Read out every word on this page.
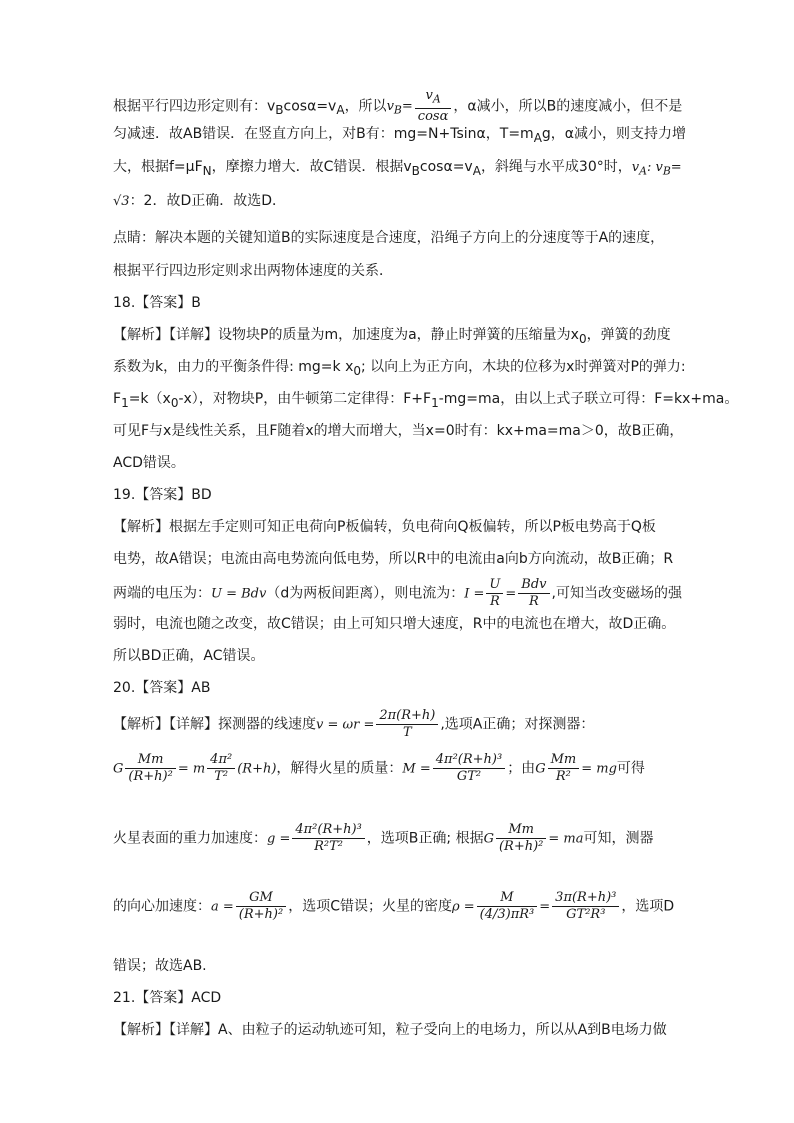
根据平行四边形定则有：$v_B\cos\alpha=v_A$，所以$v_B= \frac{v_A}{\cos\alpha}$ ，α减小，所以B的速度减小，但不是
匀减速．故AB错误．在竖直方向上，对B有：mg=N+Tsinα，$T=m_Ag$，α减小，则支持力增
大，根据$f=\mu F_N$，摩擦力增大．故C错误．根据$v_B\cos\alpha=v_A$，斜绳与水平成30°时，$v_A$: $v_B=$
√3：2．故D正确．故选D．
点睛：解决本题的关键知道B的实际速度是合速度，沿绳子方向上的分速度等于A的速度，
根据平行四边形定则求出两物体速度的关系．
18.【答案】B
【解析】【详解】设物块P的质量为m，加速度为a，静止时弹簧的压缩量为$x_0$，弹簧的劲度
系数为k，由力的平衡条件得: mg=k $x_0$; 以向上为正方向，木块的位移为x时弹簧对P的弹力:
$F_1=k(x_0-x)$，对物块P，由牛顿第二定律得：$F+F_1-mg=ma$，由以上式子联立可得：F=kx+ma。
可见F与x是线性关系，且F随着x的增大而增大，当x=0时有：kx+ma=ma＞0，故B正确，
ACD错误。
19.【答案】BD
【解析】根据左手定则可知正电荷向P板偏转，负电荷向Q板偏转，所以P板电势高于Q板
电势，故A错误；电流由高电势流向低电势，所以R中的电流由a向b方向流动，故B正确；R
两端的电压为：U = Bdv（d为两板间距离），则电流为：$I = \frac{U}{R}$ =
Bdv
R ,可知当改变磁场的强
弱时，电流也随之改变，故C错误；由上可知只增大速度，R中的电流也在增大，故D正确。
所以BD正确，AC错误。
20.【答案】AB
【解析】【详解】探测器的线速度$v = \omega r = \frac{2\pi(R+h)}{T}$ ,选项A正确；对探测器：
G $\frac{Mm}{\text{(R+h)²}} = m \frac{\text{4π²}}{\text{T²}} (R+h)$，解得火星的质量：$M = \frac{\text{4π²(R+h)³}}{\text{GT²}}$ ；由G $\frac{Mm}{\text{R²}}$ = mg可得
火星表面的重力加速度：$g = \frac{\text{4π²(R+h)³}}{\text{R²T²}}$ ，选项B正确; 根据G $\frac{Mm}{\text{(R+h)²}}$ = ma可知，测器
的向心加速度：$a = \frac{GM}{\text{(R+h)²}}$ ，选项C错误；火星的密度$\rho = \frac{M}{\text{(4/3)πR³}} = \frac{\text{3π(R+h)³}}{\text{GT²R³}}$ ，选项D
错误；故选AB.
21.【答案】ACD
【解析】【详解】A、由粒子的运动轨迹可知，粒子受向上的电场力，所以从A到B电场力做
